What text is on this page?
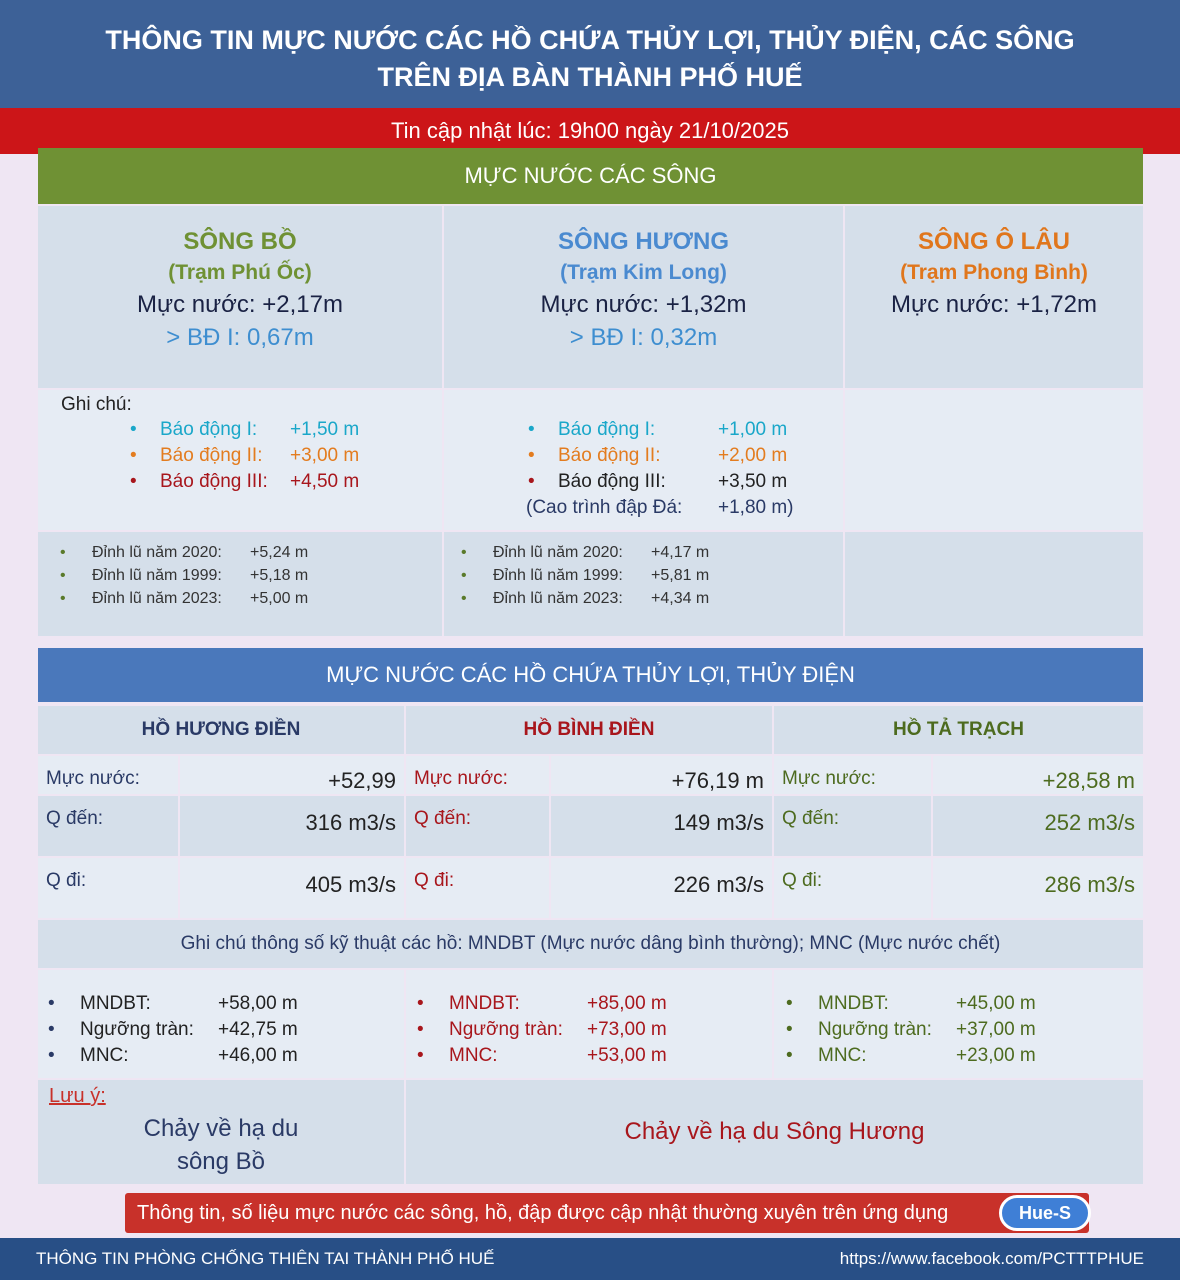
THÔNG TIN MỰC NƯỚC CÁC HỒ CHỨA THỦY LỢI, THỦY ĐIỆN, CÁC SÔNG
TRÊN ĐỊA BÀN THÀNH PHỐ HUẾ
Tin cập nhật lúc: 19h00 ngày 21/10/2025
MỰC NƯỚC CÁC SÔNG
SÔNG BỒ
(Trạm Phú Ốc)
Mực nước: +2,17m
> BĐ I: 0,67m
SÔNG HƯƠNG
(Trạm Kim Long)
Mực nước: +1,32m
> BĐ I: 0,32m
SÔNG Ô LÂU
(Trạm Phong Bình)
Mực nước: +1,72m
Ghi chú:
• Báo động I: +1,50 m
• Báo động II: +3,00 m
• Báo động III: +4,50 m
• Báo động I:	+1,00 m
• Báo động II:	+2,00 m
• Báo động III:	+3,50 m
(Cao trình đập Đá: +1,80 m)
• Đỉnh lũ năm 2020: +5,24 m
• Đỉnh lũ năm 1999: +5,18 m
• Đỉnh lũ năm 2023: +5,00 m
• Đỉnh lũ năm 2020: +4,17 m
• Đỉnh lũ năm 1999: +5,81 m
• Đỉnh lũ năm 2023: +4,34 m
MỰC NƯỚC CÁC HỒ CHỨA THỦY LỢI, THỦY ĐIỆN
HỒ HƯƠNG ĐIỀN	HỒ BÌNH ĐIỀN	HỒ TẢ TRẠCH
Mực nước:	+52,99 Mực nước:	+76,19 m Mực nước:	+28,58 m
Q đến:	316 m3/s Q đến:	149 m3/s Q đến:	252 m3/s
Q đi:	405 m3/s Q đi:	226 m3/s Q đi:	286 m3/s
Ghi chú thông số kỹ thuật các hồ: MNDBT (Mực nước dâng bình thường); MNC (Mực nước chết)
• MNDBT:	+58,00 m
• Ngưỡng tràn: +42,75 m
• MNC:	+46,00 m
• MNDBT:	+85,00 m
• Ngưỡng tràn: +73,00 m
• MNC:	+53,00 m
• MNDBT:	+45,00 m
• Ngưỡng tràn: +37,00 m
• MNC:	+23,00 m
Lưu ý:
Chảy về hạ du
sông Bồ
Chảy về hạ du Sông Hương
Thông tin, số liệu mực nước các sông, hồ, đập được cập nhật thường xuyên trên ứng dụng	Hue-S
THÔNG TIN PHÒNG CHỐNG THIÊN TAI THÀNH PHỐ HUẾ	https://www.facebook.com/PCTTTPHUE
